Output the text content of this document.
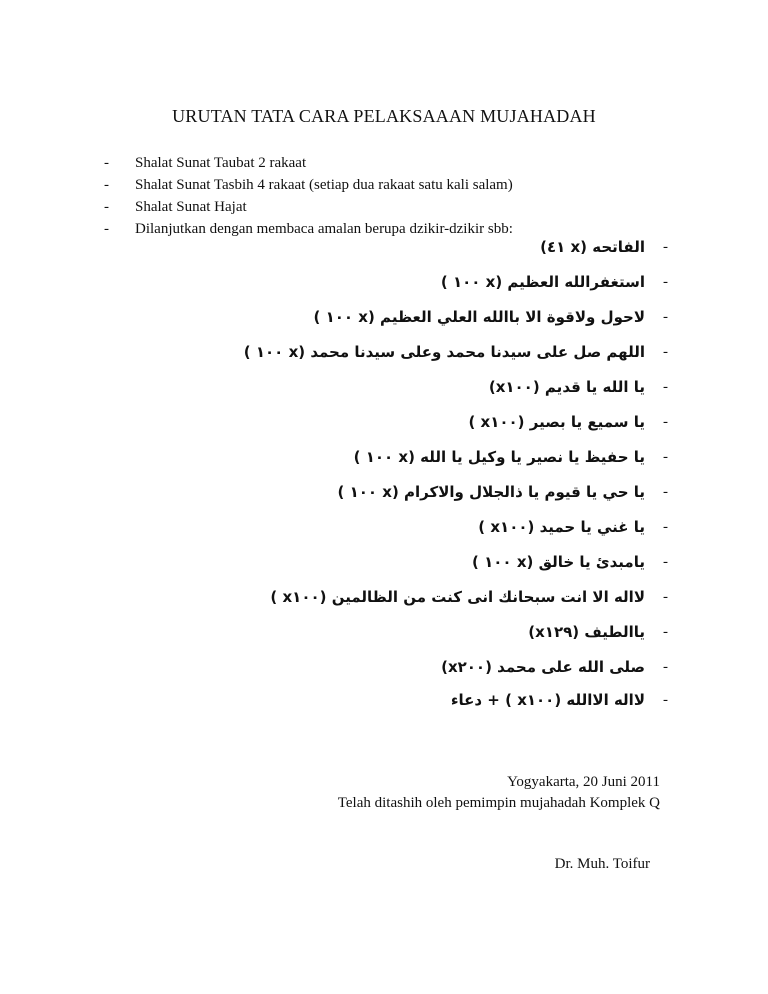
URUTAN TATA CARA PELAKSAAAN MUJAHADAH
- Shalat Sunat Taubat 2 rakaat
- Shalat Sunat Tasbih 4 rakaat (setiap dua rakaat satu kali salam)
- Shalat Sunat Hajat
- Dilanjutkan dengan membaca amalan berupa dzikir-dzikir sbb:
الفاتحه (x ٤١) -
استغفرالله العظيم (x ١٠٠ ) -
لاحول ولاقوة الا باالله العلي العظيم (x ١٠٠ ) -
اللهم صل على سيدنا محمد وعلى سيدنا محمد (x ١٠٠ ) -
يا الله يا قديم (x١٠٠) -
يا سميع يا بصير (x١٠٠ ) -
يا حفيظ يا نصير يا وكيل يا الله (x ١٠٠ ) -
يا حي يا قيوم يا ذالجلال والاكرام (x ١٠٠ ) -
يا غني يا حميد (x١٠٠ ) -
يامبدئ يا خالق (x ١٠٠ ) -
لااله الا انت سبحانك انى كنت من الظالمين (x١٠٠ ) -
ياالطيف (x١٢٩) -
صلى الله على محمد (x٢٠٠) -
لااله الاالله (x١٠٠ ) + دعاء -
Yogyakarta, 20 Juni 2011
Telah ditashih oleh pemimpin mujahadah Komplek Q
Dr. Muh. Toifur
